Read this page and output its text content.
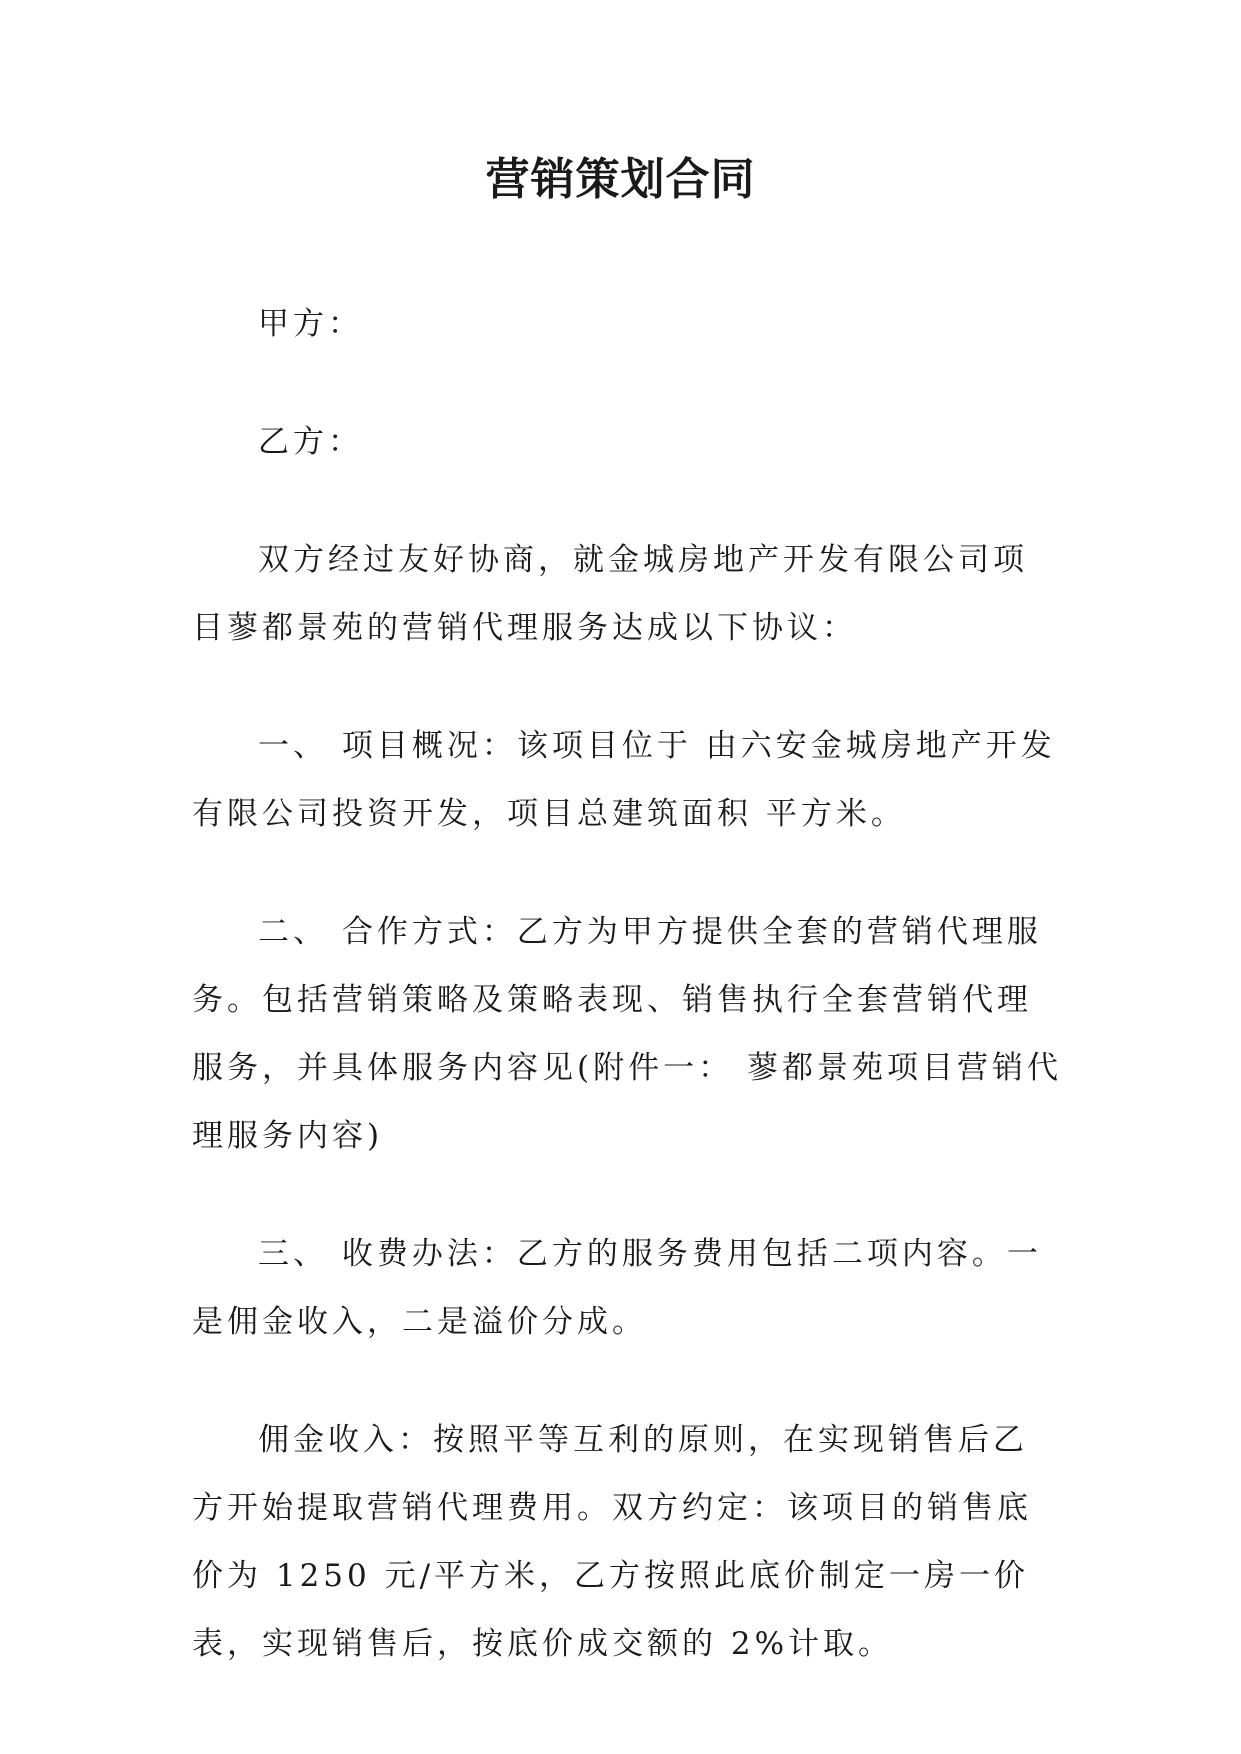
营销策划合同

甲方：

乙方：

双方经过友好协商，就金城房地产开发有限公司项目蓼都景苑的营销代理服务达成以下协议：

一、 项目概况：该项目位于 由六安金城房地产开发有限公司投资开发，项目总建筑面积 平方米。

二、 合作方式：乙方为甲方提供全套的营销代理服务。包括营销策略及策略表现、销售执行全套营销代理服务，并具体服务内容见(附件一： 蓼都景苑项目营销代理服务内容)

三、 收费办法：乙方的服务费用包括二项内容。一是佣金收入，二是溢价分成。

佣金收入：按照平等互利的原则，在实现销售后乙方开始提取营销代理费用。双方约定：该项目的销售底价为 1250 元/平方米，乙方按照此底价制定一房一价表，实现销售后，按底价成交额的 2%计取。
